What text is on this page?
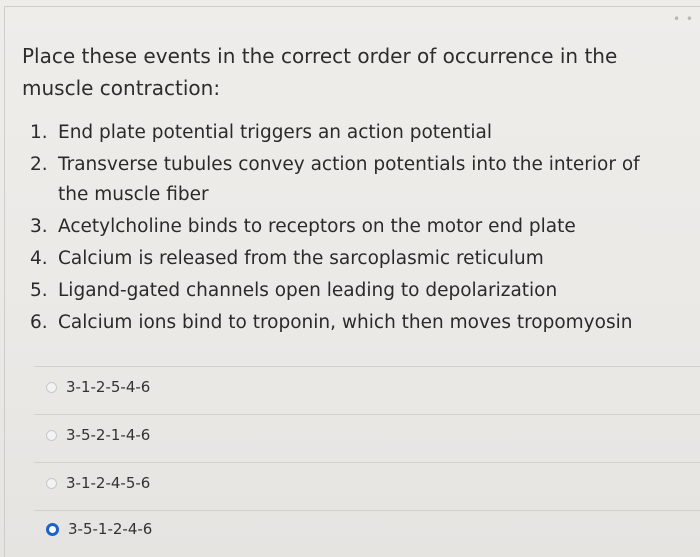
• •
Place these events in the correct order of occurrence in the muscle contraction:
1. End plate potential triggers an action potential
2. Transverse tubules convey action potentials into the interior of the muscle fiber
3. Acetylcholine binds to receptors on the motor end plate
4. Calcium is released from the sarcoplasmic reticulum
5. Ligand-gated channels open leading to depolarization
6. Calcium ions bind to troponin, which then moves tropomyosin
3-1-2-5-4-6
3-5-2-1-4-6
3-1-2-4-5-6
3-5-1-2-4-6
